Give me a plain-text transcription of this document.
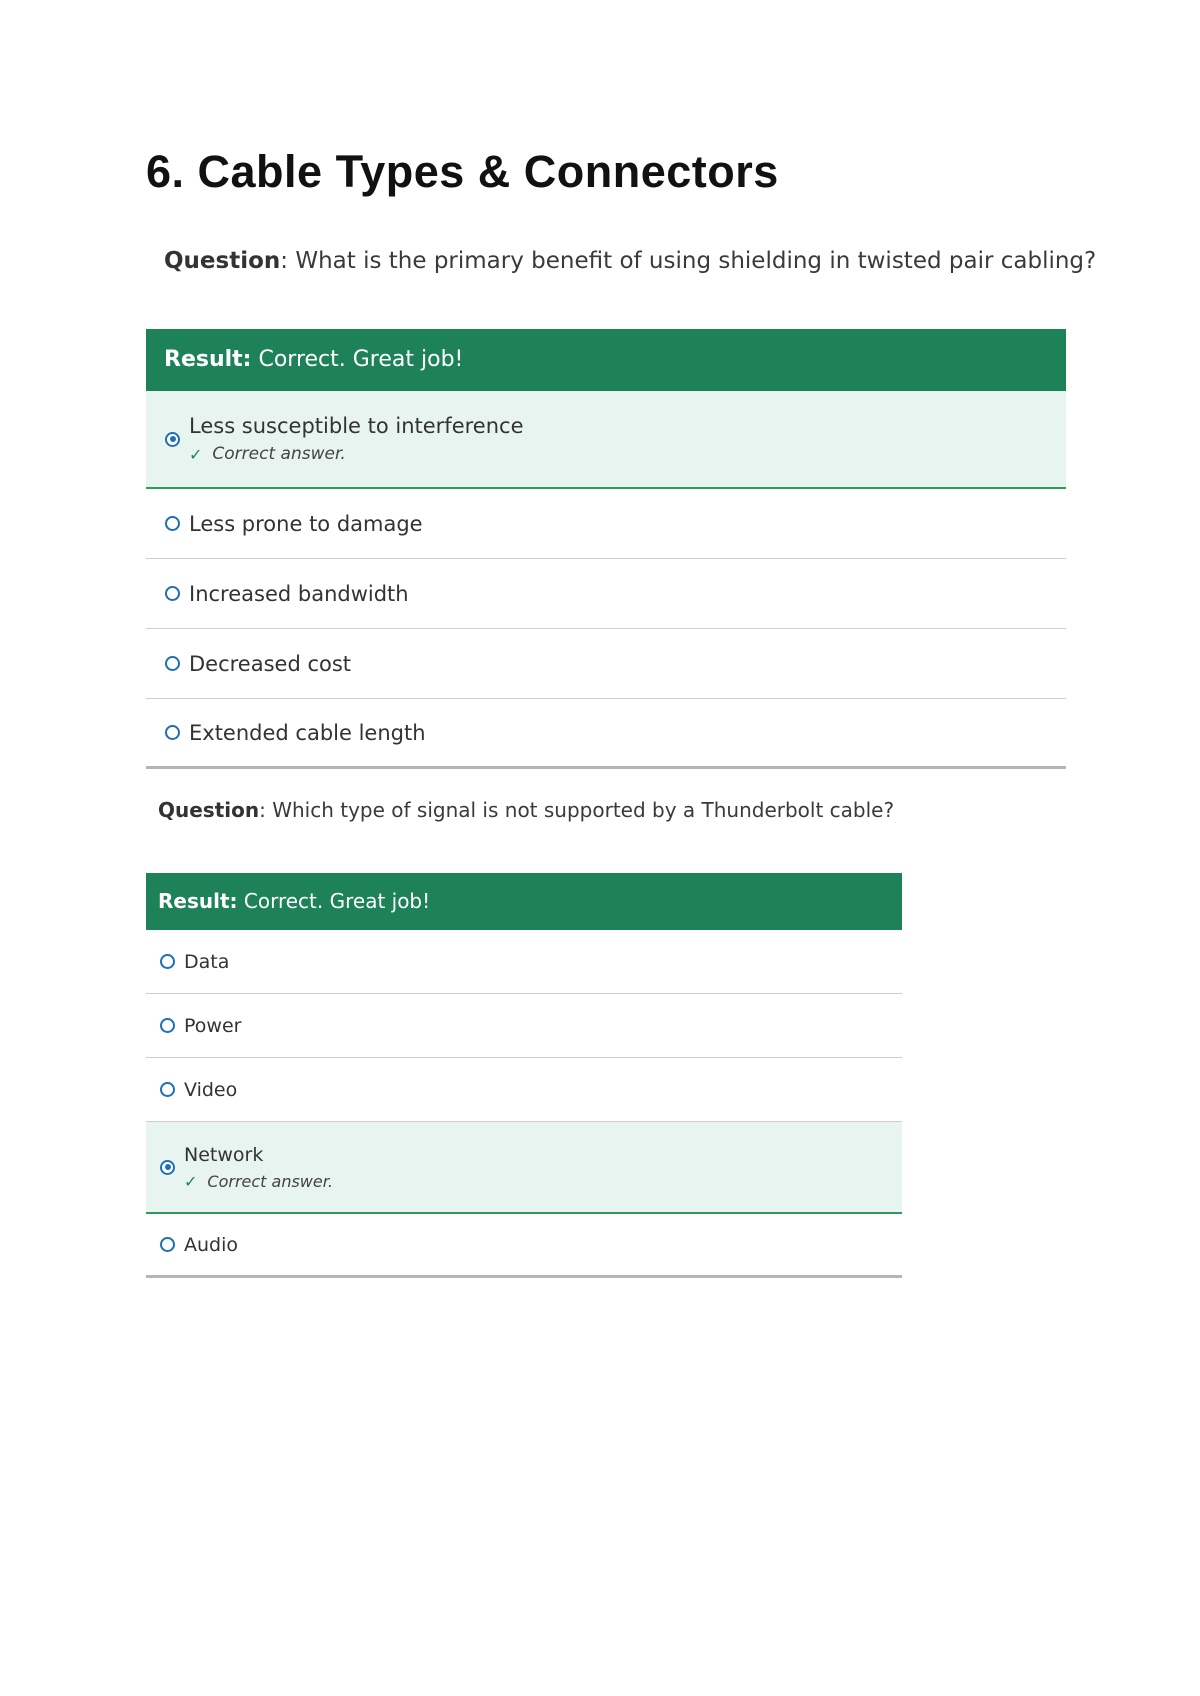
6. Cable Types & Connectors
Question: What is the primary benefit of using shielding in twisted pair cabling?
Result: Correct. Great job!
Less susceptible to interference
✓ Correct answer.
Less prone to damage
Increased bandwidth
Decreased cost
Extended cable length
Question: Which type of signal is not supported by a Thunderbolt cable?
Result: Correct. Great job!
Data
Power
Video
Network
✓ Correct answer.
Audio
